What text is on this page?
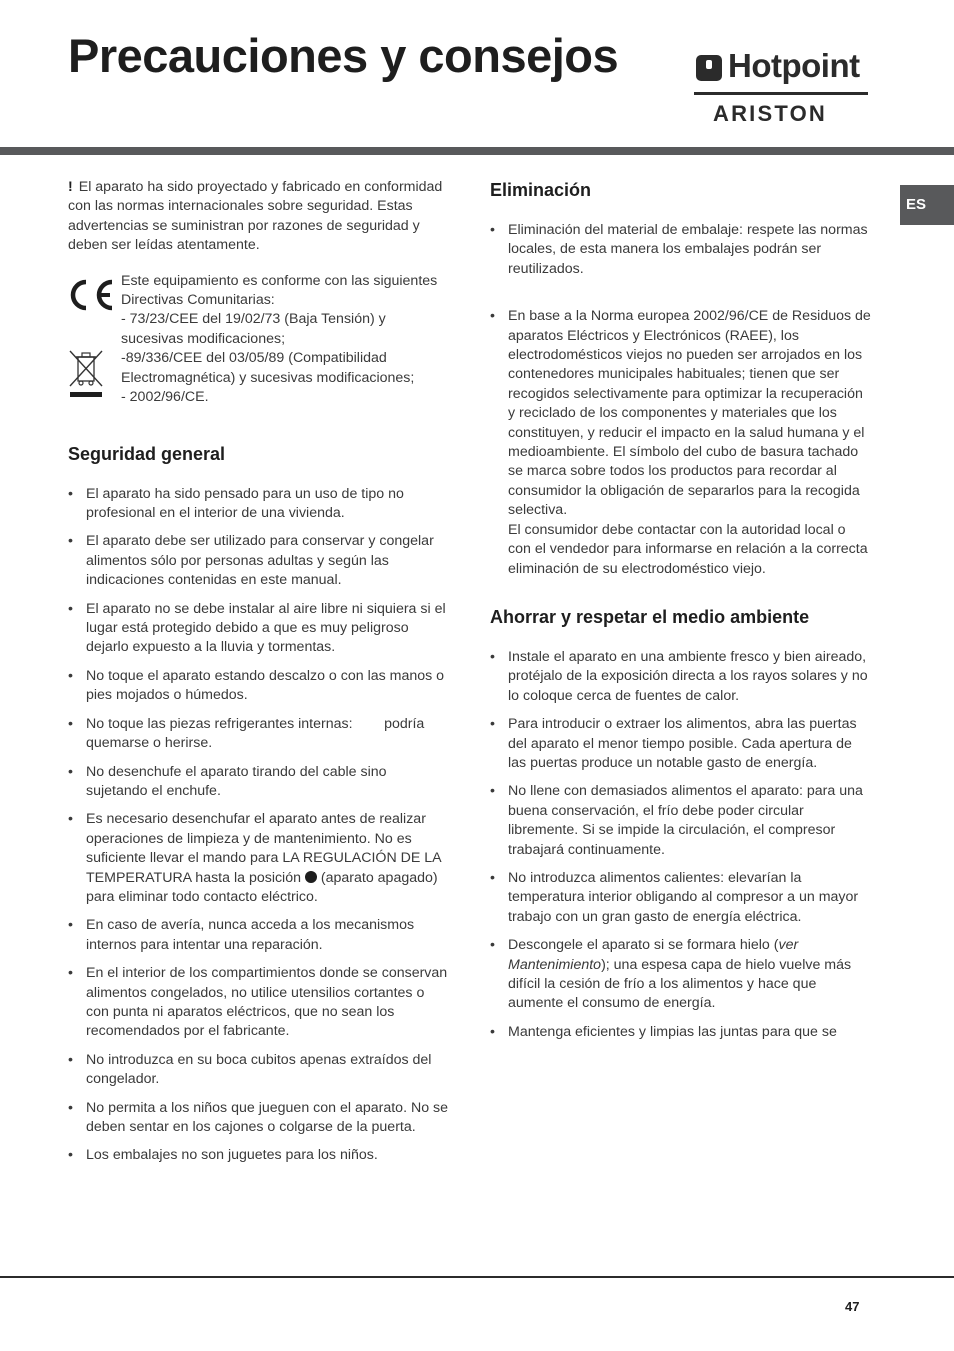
Precauciones y consejos	Hotpoint
ARISTON
ES

! El aparato ha sido proyectado y fabricado en conformidad con las normas internacionales sobre seguridad. Estas advertencias se suministran por razones de seguridad y deben ser leídas atentamente.

Este equipamiento es conforme con las siguientes Directivas Comunitarias:

- 73/23/CEE del 19/02/73 (Baja Tensión) y sucesivas modificaciones;

-89/336/CEE del 03/05/89 (Compatibilidad Electromagnética) y sucesivas modificaciones;

- 2002/96/CE.

Seguridad general
• El aparato ha sido pensado para un uso de tipo no profesional en el interior de una vivienda.
• El aparato debe ser utilizado para conservar y congelar alimentos sólo por personas adultas y según las indicaciones contenidas en este manual.
• El aparato no se debe instalar al aire libre ni siquiera si el lugar está protegido debido a que es muy peligroso dejarlo expuesto a la lluvia y tormentas.
• No toque el aparato estando descalzo o con las manos o pies mojados o húmedos.
• No toque las piezas refrigerantes internas:        podría quemarse o herirse.
• No desenchufe el aparato tirando del cable sino sujetando el enchufe.
• Es necesario desenchufar el aparato antes de realizar operaciones de limpieza y de mantenimiento. No es suficiente llevar el mando para LA REGULACIÓN DE LA TEMPERATURA hasta la posición  (aparato apagado) para eliminar todo contacto eléctrico.
• En caso de avería, nunca acceda a los mecanismos internos para intentar una reparación.
• En el interior de los compartimientos donde se conservan alimentos congelados, no utilice utensilios cortantes o con punta ni aparatos eléctricos, que no sean los recomendados por el fabricante.
• No introduzca en su boca cubitos apenas extraídos del congelador.
• No permita a los niños que jueguen con el aparato. No se deben sentar en los cajones o colgarse de la puerta.
• Los embalajes no son juguetes para los niños.
Eliminación
• Eliminación del material de embalaje: respete las normas locales, de esta manera los embalajes podrán ser reutilizados.

• En base a la Norma europea 2002/96/CE de Residuos de aparatos Eléctricos y Electrónicos (RAEE), los electrodomésticos viejos no pueden ser arrojados en los contenedores municipales habituales; tienen que ser recogidos selectivamente para optimizar la recuperación y reciclado de los componentes y materiales que los constituyen, y reducir el impacto en la salud humana y el medioambiente. El símbolo del cubo de basura tachado se marca sobre todos los productos para recordar al consumidor la obligación de separarlos para la recogida selectiva.

El consumidor debe contactar con la autoridad local o con el vendedor para informarse en relación a la correcta eliminación de su electrodoméstico viejo.

Ahorrar y respetar el medio ambiente
• Instale el aparato en una ambiente fresco y bien aireado, protéjalo de la exposición directa a los rayos solares y no lo coloque cerca de fuentes de calor.
• Para introducir o extraer los alimentos, abra las puertas del aparato el menor tiempo posible. Cada apertura de las puertas produce un notable gasto de energía.
• No llene con demasiados alimentos el aparato: para una buena conservación, el frío debe poder circular libremente. Si se impide la circulación, el compresor trabajará continuamente.
• No introduzca alimentos calientes: elevarían la temperatura interior obligando al compresor a un mayor trabajo con un gran gasto de energía eléctrica.
• Descongele el aparato si se formara hielo (ver Mantenimiento); una espesa capa de hielo vuelve más difícil la cesión de frío a los alimentos y hace que aumente el consumo de energía.
• Mantenga eficientes y limpias las juntas para que se
47
